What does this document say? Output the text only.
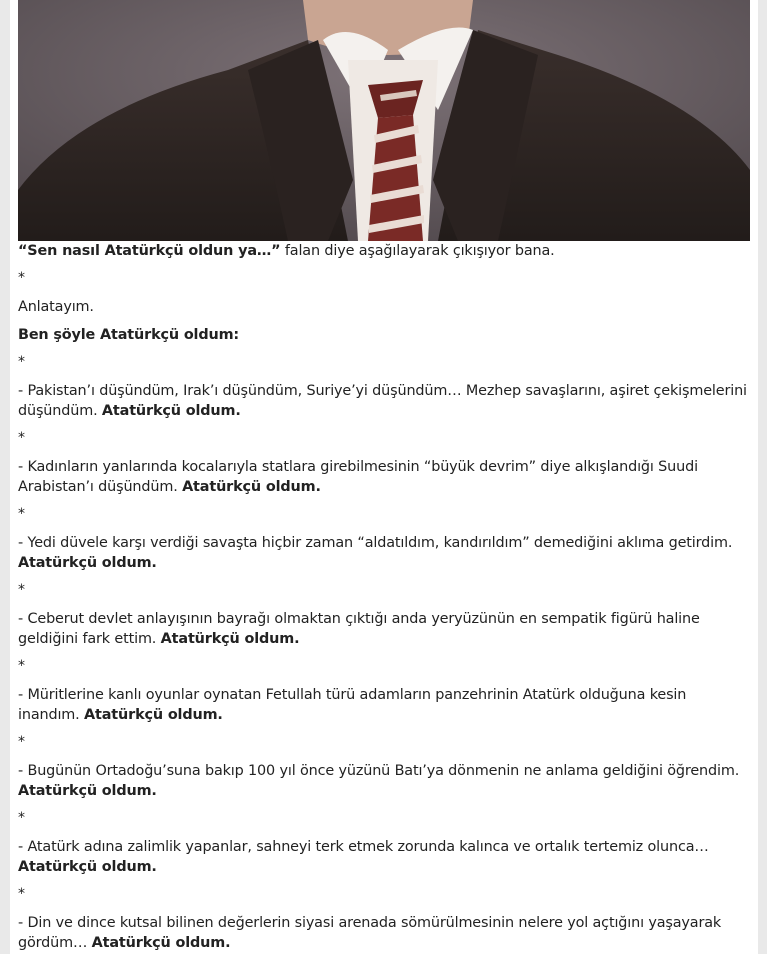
“Sen nasıl Atatürkçü oldun ya…” falan diye aşağılayarak çıkışıyor bana.
*
Anlatayım.
Ben şöyle Atatürkçü oldum:
*
- Pakistan’ı düşündüm, Irak’ı düşündüm, Suriye’yi düşündüm… Mezhep savaşlarını, aşiret çekişmelerini düşündüm. Atatürkçü oldum.
*
- Kadınların yanlarında kocalarıyla statlara girebilmesinin “büyük devrim” diye alkışlandığı Suudi Arabistan’ı düşündüm. Atatürkçü oldum.
*
- Yedi düvele karşı verdiği savaşta hiçbir zaman “aldatıldım, kandırıldım” demediğini aklıma getirdim. Atatürkçü oldum.
*
- Ceberut devlet anlayışının bayrağı olmaktan çıktığı anda yeryüzünün en sempatik figürü haline geldiğini fark ettim. Atatürkçü oldum.
*
- Müritlerine kanlı oyunlar oynatan Fetullah türü adamların panzehrinin Atatürk olduğuna kesin inandım. Atatürkçü oldum.
*
- Bugünün Ortadoğu’suna bakıp 100 yıl önce yüzünü Batı’ya dönmenin ne anlama geldiğini öğrendim. Atatürkçü oldum.
*
- Atatürk adına zalimlik yapanlar, sahneyi terk etmek zorunda kalınca ve ortalık tertemiz olunca… Atatürkçü oldum.
*
- Din ve dince kutsal bilinen değerlerin siyasi arenada sömürülmesinin nelere yol açtığını yaşayarak gördüm… Atatürkçü oldum.
